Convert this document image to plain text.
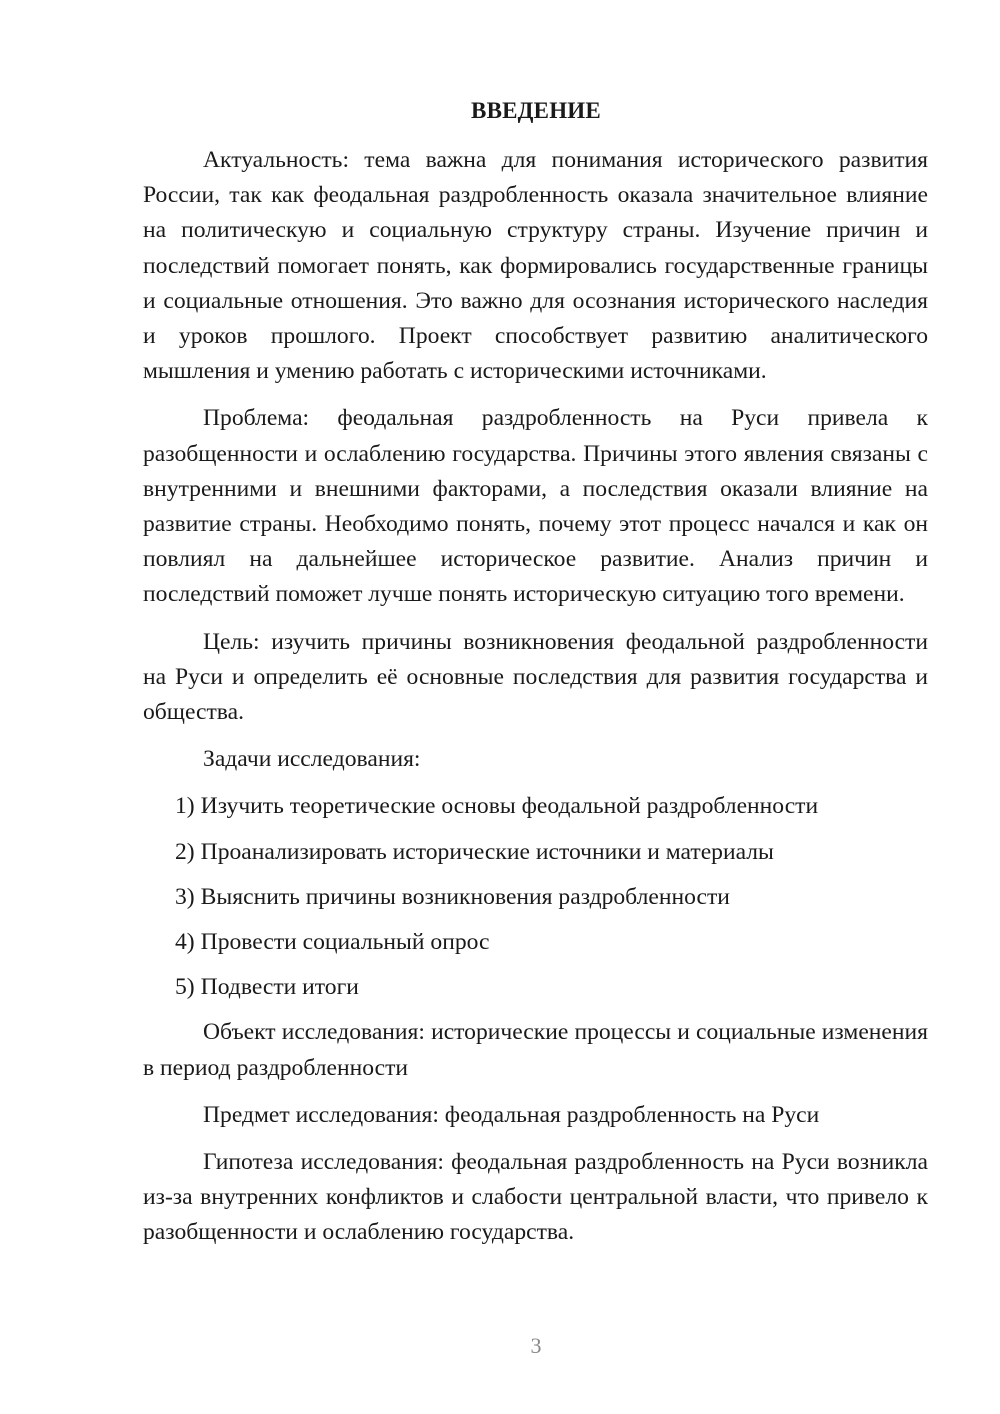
ВВЕДЕНИЕ

Актуальность: тема важна для понимания исторического развития России, так как феодальная раздробленность оказала значительное влияние на политическую и социальную структуру страны. Изучение причин и последствий помогает понять, как формировались государственные границы и социальные отношения. Это важно для осознания исторического наследия и уроков прошлого. Проект способствует развитию аналитического мышления и умению работать с историческими источниками.

Проблема: феодальная раздробленность на Руси привела к разобщенности и ослаблению государства. Причины этого явления связаны с внутренними и внешними факторами, а последствия оказали влияние на развитие страны. Необходимо понять, почему этот процесс начался и как он повлиял на дальнейшее историческое развитие. Анализ причин и последствий поможет лучше понять историческую ситуацию того времени.

Цель: изучить причины возникновения феодальной раздробленности на Руси и определить её основные последствия для развития государства и общества.

Задачи исследования:

1) Изучить теоретические основы феодальной раздробленности
2) Проанализировать исторические источники и материалы
3) Выяснить причины возникновения раздробленности
4) Провести социальный опрос
5) Подвести итоги

Объект исследования: исторические процессы и социальные изменения в период раздробленности

Предмет исследования: феодальная раздробленность на Руси

Гипотеза исследования: феодальная раздробленность на Руси возникла из-за внутренних конфликтов и слабости центральной власти, что привело к разобщенности и ослаблению государства.

3
